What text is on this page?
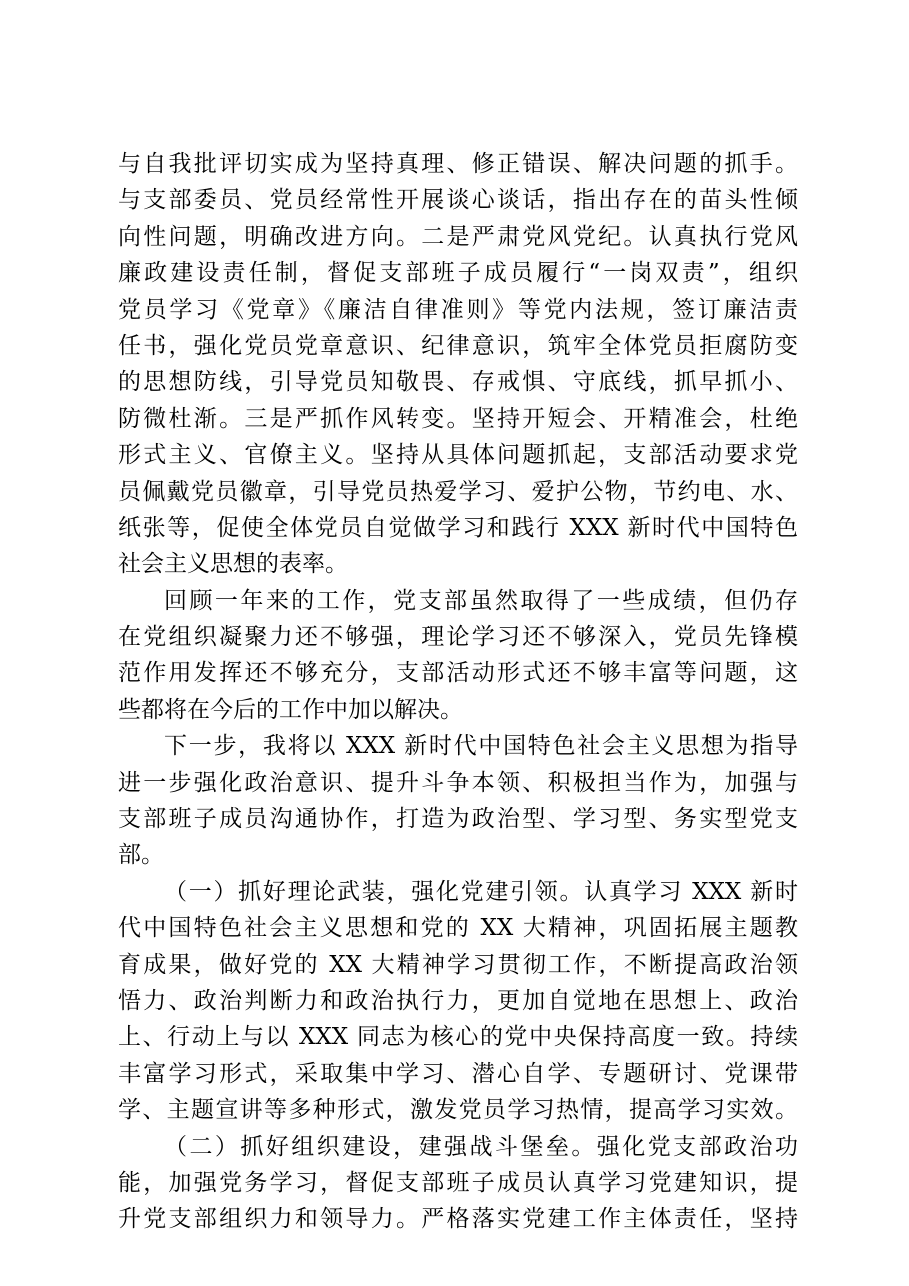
与自我批评切实成为坚持真理、修正错误、解决问题的抓手。
与支部委员、党员经常性开展谈心谈话，指出存在的苗头性倾
向性问题，明确改进方向。二是严肃党风党纪。认真执行党风
廉政建设责任制，督促支部班子成员履行“一岗双责”，组织
党员学习《党章》《廉洁自律准则》等党内法规，签订廉洁责
任书，强化党员党章意识、纪律意识，筑牢全体党员拒腐防变
的思想防线，引导党员知敬畏、存戒惧、守底线，抓早抓小、
防微杜渐。三是严抓作风转变。坚持开短会、开精准会，杜绝
形式主义、官僚主义。坚持从具体问题抓起，支部活动要求党
员佩戴党员徽章，引导党员热爱学习、爱护公物，节约电、水、
纸张等，促使全体党员自觉做学习和践行 XXX 新时代中国特色
社会主义思想的表率。
回顾一年来的工作，党支部虽然取得了一些成绩，但仍存
在党组织凝聚力还不够强，理论学习还不够深入，党员先锋模
范作用发挥还不够充分，支部活动形式还不够丰富等问题，这
些都将在今后的工作中加以解决。
下一步，我将以 XXX 新时代中国特色社会主义思想为指导
进一步强化政治意识、提升斗争本领、积极担当作为，加强与
支部班子成员沟通协作，打造为政治型、学习型、务实型党支
部。
（一）抓好理论武装，强化党建引领。认真学习 XXX 新时
代中国特色社会主义思想和党的 XX 大精神，巩固拓展主题教
育成果，做好党的 XX 大精神学习贯彻工作，不断提高政治领
悟力、政治判断力和政治执行力，更加自觉地在思想上、政治
上、行动上与以 XXX 同志为核心的党中央保持高度一致。持续
丰富学习形式，采取集中学习、潜心自学、专题研讨、党课带
学、主题宣讲等多种形式，激发党员学习热情，提高学习实效。
（二）抓好组织建设，建强战斗堡垒。强化党支部政治功
能，加强党务学习，督促支部班子成员认真学习党建知识，提
升党支部组织力和领导力。严格落实党建工作主体责任，坚持
